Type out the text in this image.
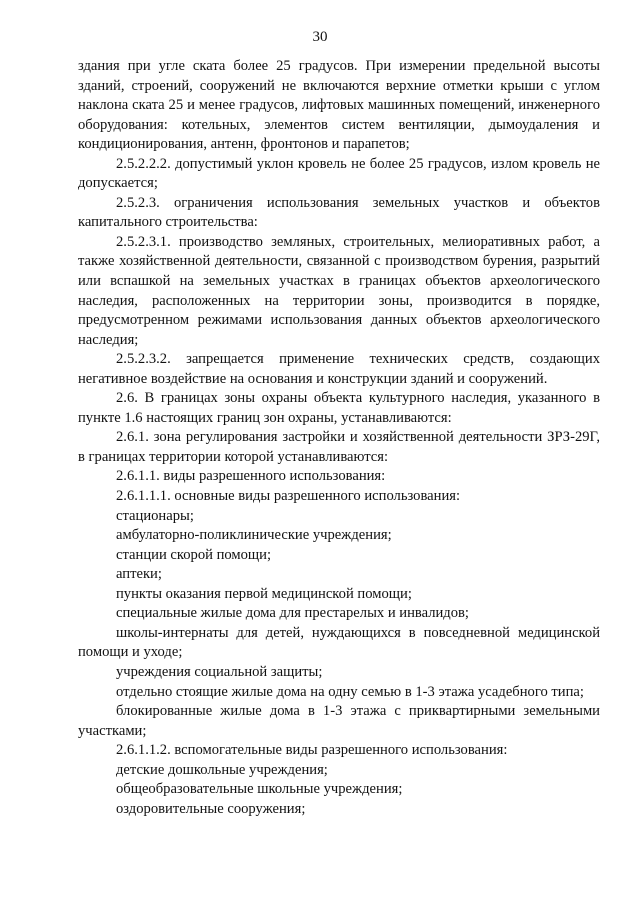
30

здания при угле ската более 25 градусов. При измерении предельной высоты зданий, строений, сооружений не включаются верхние отметки крыши с углом наклона ската 25 и менее градусов, лифтовых машинных помещений, инженерного оборудования: котельных, элементов систем вентиляции, дымоудаления и кондиционирования, антенн, фронтонов и парапетов;

2.5.2.2.2. допустимый уклон кровель не более 25 градусов, излом кровель не допускается;

2.5.2.3. ограничения использования земельных участков и объектов капитального строительства:

2.5.2.3.1. производство земляных, строительных, мелиоративных работ, а также хозяйственной деятельности, связанной с производством бурения, разрытий или вспашкой на земельных участках в границах объектов археологического наследия, расположенных на территории зоны, производится в порядке, предусмотренном режимами использования данных объектов археологического наследия;

2.5.2.3.2. запрещается применение технических средств, создающих негативное воздействие на основания и конструкции зданий и сооружений.

2.6. В границах зоны охраны объекта культурного наследия, указанного в пункте 1.6 настоящих границ зон охраны, устанавливаются:

2.6.1. зона регулирования застройки и хозяйственной деятельности ЗРЗ-29Г, в границах территории которой устанавливаются:

2.6.1.1. виды разрешенного использования:

2.6.1.1.1. основные виды разрешенного использования:

стационары;

амбулаторно-поликлинические учреждения;

станции скорой помощи;

аптеки;

пункты оказания первой медицинской помощи;

специальные жилые дома для престарелых и инвалидов;

школы-интернаты для детей, нуждающихся в повседневной медицинской помощи и уходе;

учреждения социальной защиты;

отдельно стоящие жилые дома на одну семью в 1-3 этажа усадебного типа;

блокированные жилые дома в 1-3 этажа с приквартирными земельными участками;

2.6.1.1.2. вспомогательные виды разрешенного использования:

детские дошкольные учреждения;

общеобразовательные школьные учреждения;

оздоровительные сооружения;
